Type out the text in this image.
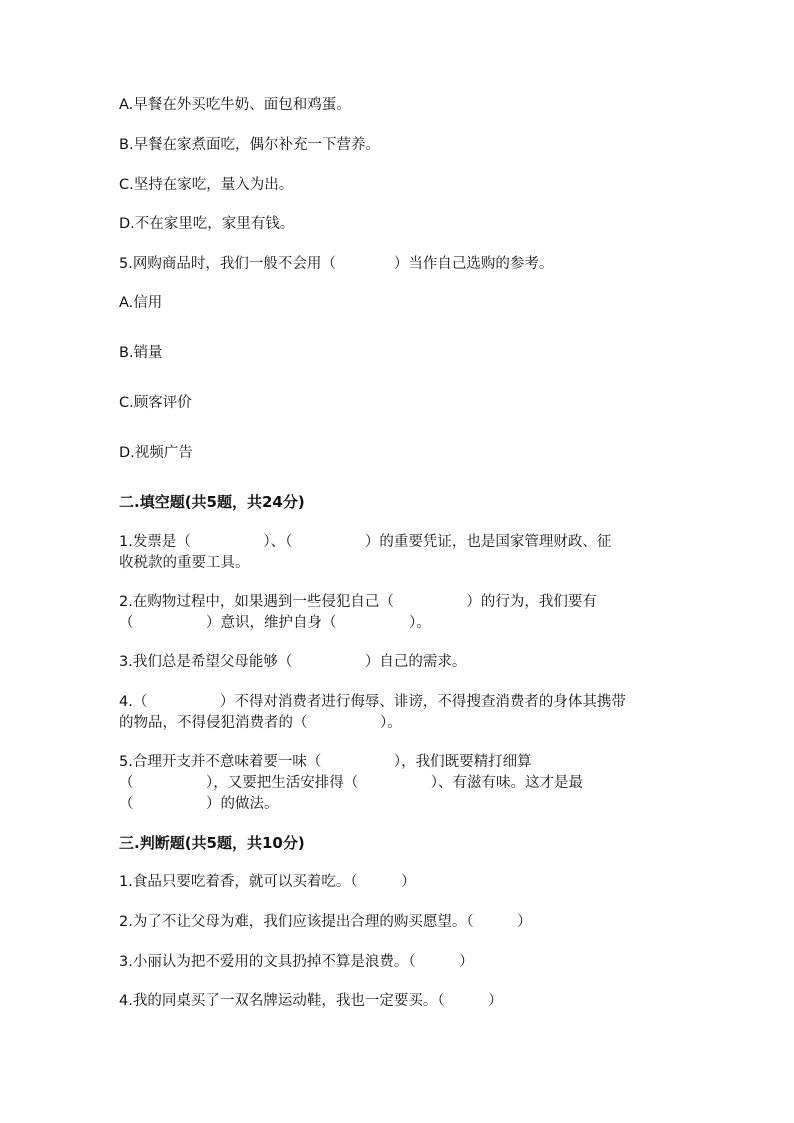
A.早餐在外买吃牛奶、面包和鸡蛋。
B.早餐在家煮面吃，偶尔补充一下营养。
C.坚持在家吃，量入为出。
D.不在家里吃，家里有钱。
5.网购商品时，我们一般不会用（　　　　）当作自己选购的参考。
A.信用
B.销量
C.顾客评价
D.视频广告
二.填空题(共5题，共24分)
1.发票是（　　　　　）、（　　　　　）的重要凭证，也是国家管理财政、征
收税款的重要工具。
2.在购物过程中，如果遇到一些侵犯自己（　　　　　）的行为，我们要有
（　　　　　）意识，维护自身（　　　　　）。
3.我们总是希望父母能够（　　　　　）自己的需求。
4.（　　　　　）不得对消费者进行侮辱、诽谤，不得搜查消费者的身体其携带
的物品，不得侵犯消费者的（　　　　　）。
5.合理开支并不意味着要一味（　　　　　），我们既要精打细算
（　　　　　），又要把生活安排得（　　　　　）、有滋有味。这才是最
（　　　　　）的做法。
三.判断题(共5题，共10分)
1.食品只要吃着香，就可以买着吃。（　　　）
2.为了不让父母为难，我们应该提出合理的购买愿望。（　　　）
3.小丽认为把不爱用的文具扔掉不算是浪费。（　　　）
4.我的同桌买了一双名牌运动鞋，我也一定要买。（　　　）
